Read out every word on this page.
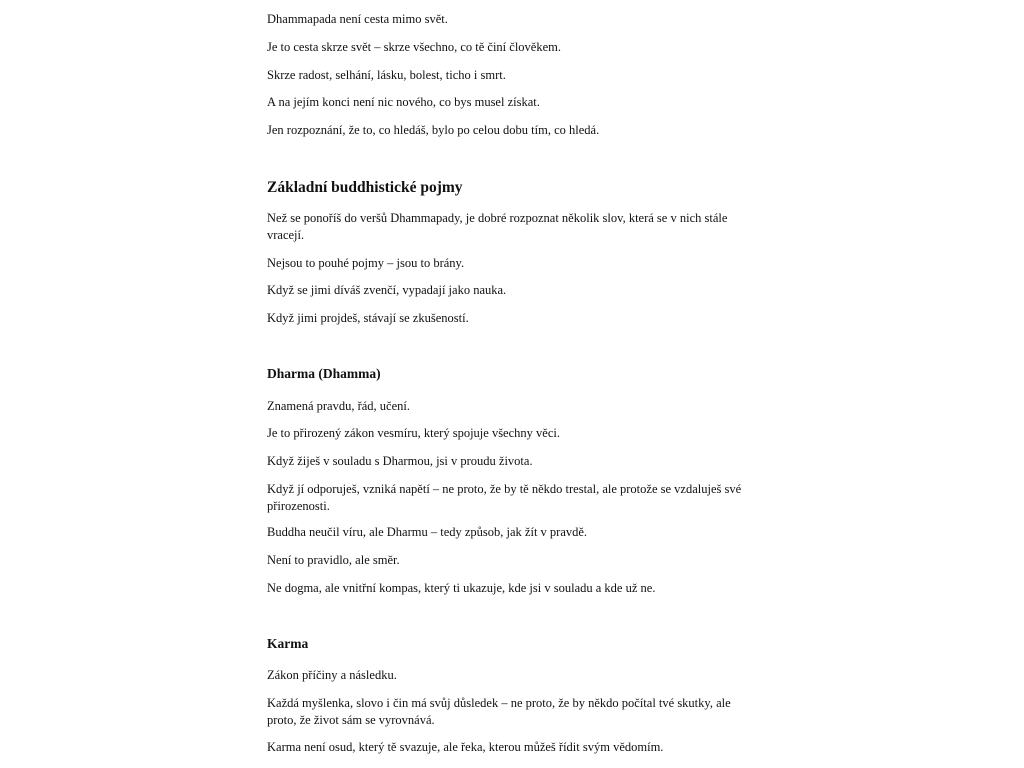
Dhammapada není cesta mimo svět.

Je to cesta skrze svět – skrze všechno, co tě činí člověkem.

Skrze radost, selhání, lásku, bolest, ticho i smrt.

A na jejím konci není nic nového, co bys musel získat.

Jen rozpoznání, že to, co hledáš, bylo po celou dobu tím, co hledá.

Základní buddhistické pojmy

Než se ponoříš do veršů Dhammapady, je dobré rozpoznat několik slov, která se v nich stále vracejí.

Nejsou to pouhé pojmy – jsou to brány.

Když se jimi díváš zvenčí, vypadají jako nauka.

Když jimi projdeš, stávají se zkušeností.

Dharma (Dhamma)

Znamená pravdu, řád, učení.

Je to přirozený zákon vesmíru, který spojuje všechny věci.

Když žiješ v souladu s Dharmou, jsi v proudu života.

Když jí odporuješ, vzniká napětí – ne proto, že by tě někdo trestal, ale protože se vzdaluješ své přirozenosti.

Buddha neučil víru, ale Dharmu – tedy způsob, jak žít v pravdě.

Není to pravidlo, ale směr.

Ne dogma, ale vnitřní kompas, který ti ukazuje, kde jsi v souladu a kde už ne.

Karma

Zákon příčiny a následku.

Každá myšlenka, slovo i čin má svůj důsledek – ne proto, že by někdo počítal tvé skutky, ale proto, že život sám se vyrovnává.

Karma není osud, který tě svazuje, ale řeka, kterou můžeš řídit svým vědomím.
